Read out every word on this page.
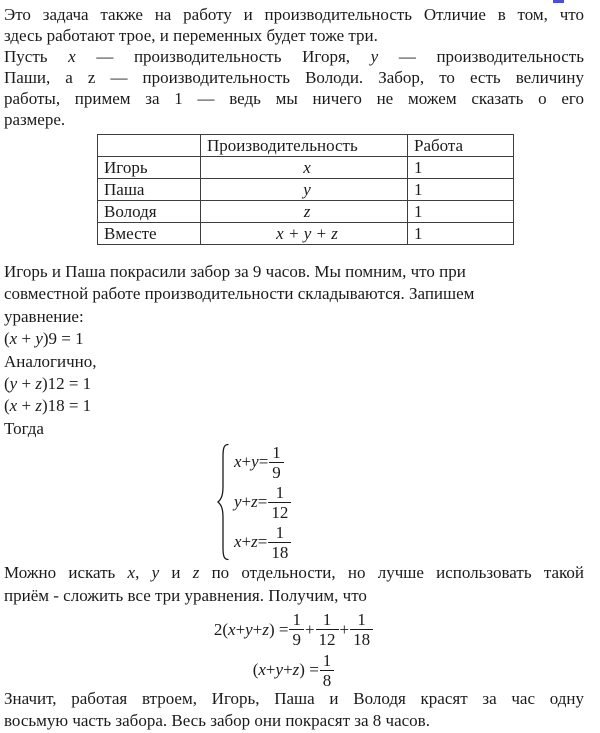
Это задача также на работу и производительность Отличие в том, что
здесь работают трое, и переменных будет тоже три.
Пусть x — производительность Игоря, y — производительность
Паши, а z — производительность Володи. Забор, то есть величину
работы, примем за 1 — ведь мы ничего не можем сказать о его
размере.
	Производительность	Работа
Игорь	x	1
Паша	y	1
Володя	z	1
Вместе	x + y + z	1
Игорь и Паша покрасили забор за 9 часов. Мы помним, что при
совместной работе производительности складываются. Запишем
уравнение:
(x + y)9 = 1
Аналогично,
(y + z)12 = 1
(x + z)18 = 1
Тогда
$x + y = \frac{1}{9}$
$y + z = \frac{1}{12}$
$x + z = \frac{1}{18}$
Можно искать x, y и z по отдельности, но лучше использовать такой
приём - сложить все три уравнения. Получим, что
2( x + y + z ) = $\frac{1}{9} + \frac{1}{12} + \frac{1}{18}$
( x + y + z ) = $\frac{1}{8}$
Значит, работая втроем, Игорь, Паша и Володя красят за час одну
восьмую часть забора. Весь забор они покрасят за 8 часов.
